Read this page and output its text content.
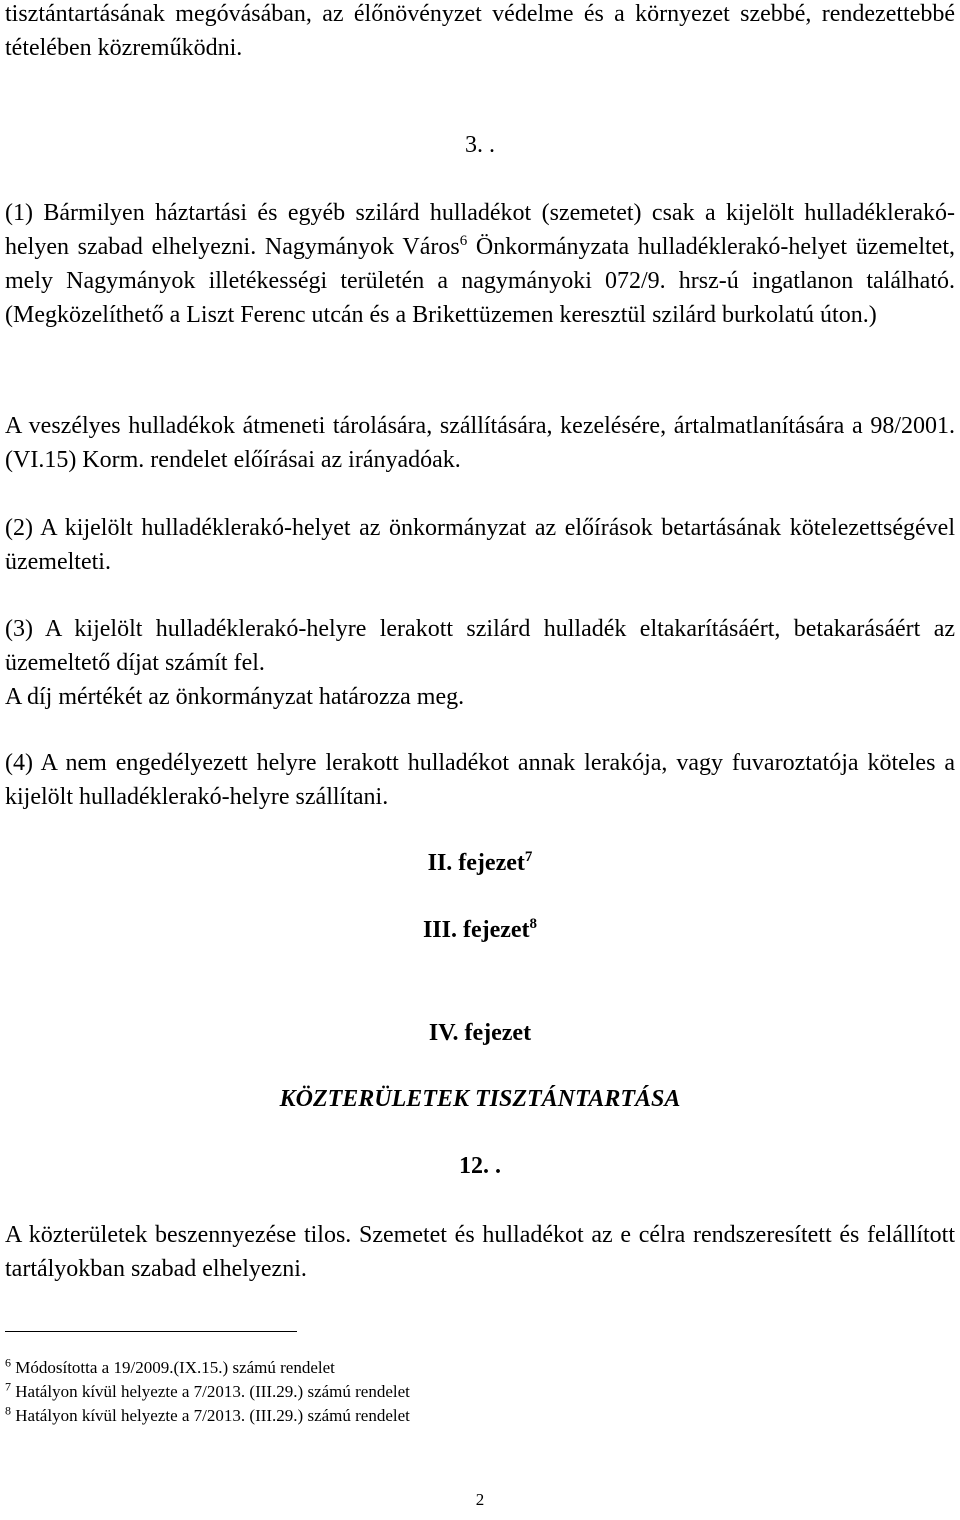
tisztántartásának megóvásában, az élőnövényzet védelme és a környezet szebbé, rendezettebbé tételében közreműködni.

3. .

(1) Bármilyen háztartási és egyéb szilárd hulladékot (szemetet) csak a kijelölt hulladéklerakó-helyen szabad elhelyezni. Nagymányok Város$^6$ Önkormányzata hulladéklerakó-helyet üzemeltet, mely Nagymányok illetékességi területén a nagymányoki 072/9. hrsz-ú ingatlanon található. (Megközelíthető a Liszt Ferenc utcán és a Brikettüzemen keresztül szilárd burkolatú úton.)

A veszélyes hulladékok átmeneti tárolására, szállítására, kezelésére, ártalmatlanítására a 98/2001. (VI.15) Korm. rendelet előírásai az irányadóak.

(2) A kijelölt hulladéklerakó-helyet az önkormányzat az előírások betartásának kötelezettségével üzemelteti.

(3) A kijelölt hulladéklerakó-helyre lerakott szilárd hulladék eltakarításáért, betakarásáért az üzemeltető díjat számít fel.

A díj mértékét az önkormányzat határozza meg.

(4) A nem engedélyezett helyre lerakott hulladékot annak lerakója, vagy fuvaroztatója köteles a kijelölt hulladéklerakó-helyre szállítani.

II. fejezet$^7$

III. fejezet$^8$

IV. fejezet

KÖZTERÜLETEK TISZTÁNTARTÁSA

12. .

A közterületek beszennyezése tilos. Szemetet és hulladékot az e célra rendszeresített és felállított tartályokban szabad elhelyezni.

$^6$ Módosította a 19/2009.(IX.15.) számú rendelet

$^7$ Hatályon kívül helyezte a 7/2013. (III.29.) számú rendelet

$^8$ Hatályon kívül helyezte a 7/2013. (III.29.) számú rendelet

2
